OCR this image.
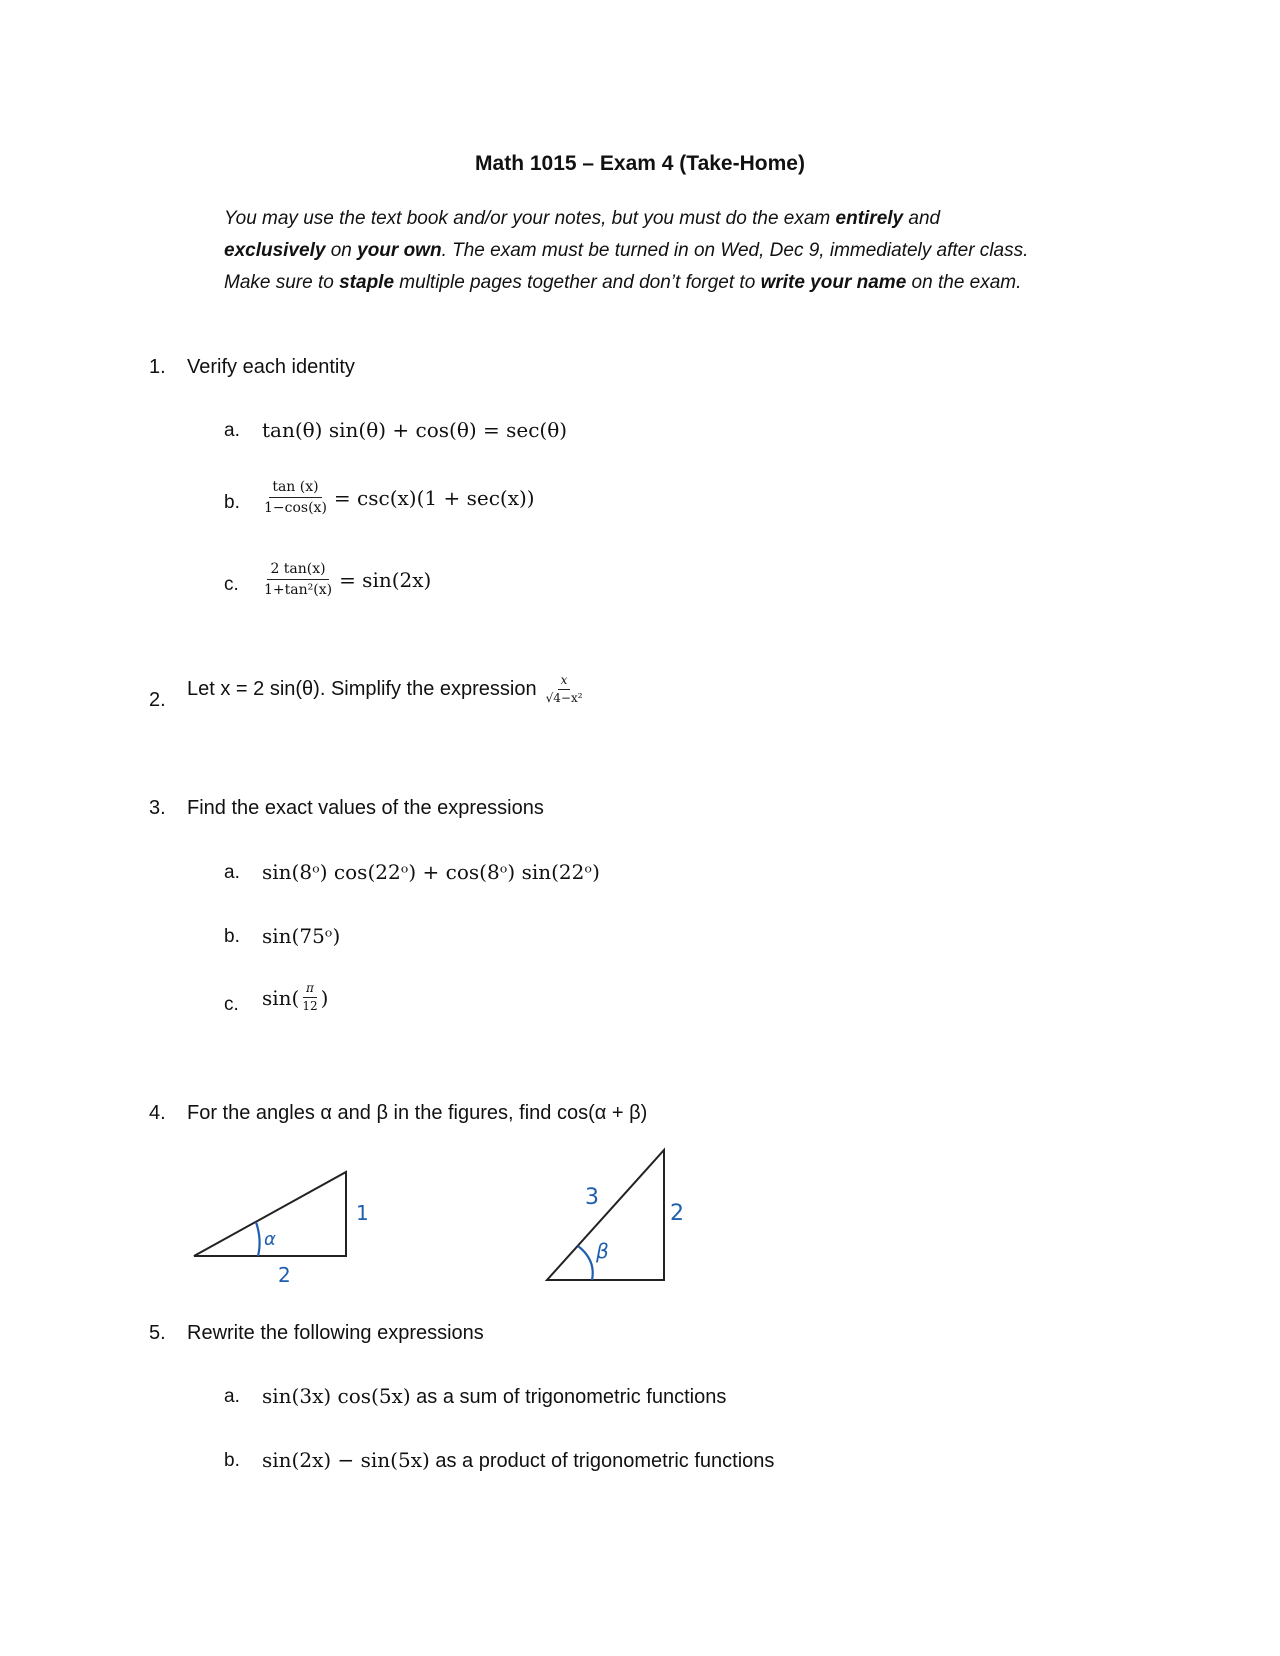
Math 1015 – Exam 4 (Take-Home)
You may use the text book and/or your notes, but you must do the exam entirely and exclusively on your own. The exam must be turned in on Wed, Dec 9, immediately after class. Make sure to staple multiple pages together and don’t forget to write your name on the exam.
1. Verify each identity
a. tan(θ) sin(θ) + cos(θ) = sec(θ)
b. $\frac{\tan (x)}{1-\cos(x)} = \csc(x)(1 + \sec(x))$
c. $\frac{2 \tan(x)}{\text{1+tan²(x)}} = \sin(2x)$
2. Let x = 2 sin(θ). Simplify the expression $\frac{x}{\text{√4−x²}}$
3. Find the exact values of the expressions
a. sin(8ᵒ) cos(22ᵒ) + cos(8ᵒ) sin(22ᵒ)
b. sin(75ᵒ)
c. $\sin( \frac{\pi}{12}$ )
4. For the angles α and β in the figures, find cos(α + β)
α
2
1
β
3
2
5. Rewrite the following expressions
a. sin(3x) cos(5x) as a sum of trigonometric functions
b. sin(2x) − sin(5x) as a product of trigonometric functions
